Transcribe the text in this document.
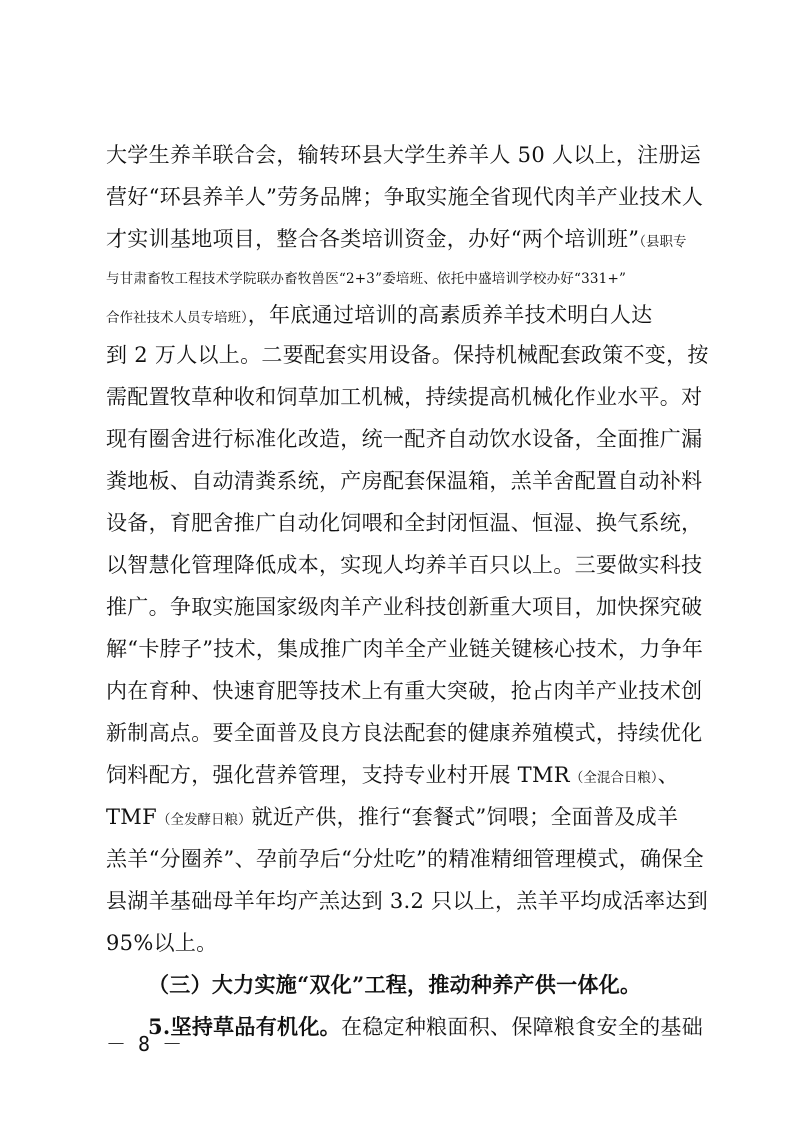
大学生养羊联合会，输转环县大学生养羊人 50 人以上，注册运
营好“环县养羊人”劳务品牌；争取实施全省现代肉羊产业技术人
才实训基地项目，整合各类培训资金，办好“两个培训班”（县职专
与甘肃畜牧工程技术学院联办畜牧兽医“2+3”委培班、依托中盛培训学校办好“331+”
合作社技术人员专培班），年底通过培训的高素质养羊技术明白人达
到 2 万人以上。二要配套实用设备。保持机械配套政策不变，按
需配置牧草种收和饲草加工机械，持续提高机械化作业水平。对
现有圈舍进行标准化改造，统一配齐自动饮水设备，全面推广漏
粪地板、自动清粪系统，产房配套保温箱，羔羊舍配置自动补料
设备，育肥舍推广自动化饲喂和全封闭恒温、恒湿、换气系统，
以智慧化管理降低成本，实现人均养羊百只以上。三要做实科技
推广。争取实施国家级肉羊产业科技创新重大项目，加快探究破
解“卡脖子”技术，集成推广肉羊全产业链关键核心技术，力争年
内在育种、快速育肥等技术上有重大突破，抢占肉羊产业技术创
新制高点。要全面普及良方良法配套的健康养殖模式，持续优化
饲料配方，强化营养管理，支持专业村开展 TMR（全混合日粮）、
TMF（全发酵日粮）就近产供，推行“套餐式”饲喂；全面普及成羊
羔羊“分圈养”、孕前孕后“分灶吃”的精准精细管理模式，确保全
县湖羊基础母羊年均产羔达到 3.2 只以上，羔羊平均成活率达到
95%以上。
（三）大力实施“双化”工程，推动种养产供一体化。
5.坚持草品有机化。在稳定种粮面积、保障粮食安全的基础
－ 8 －
